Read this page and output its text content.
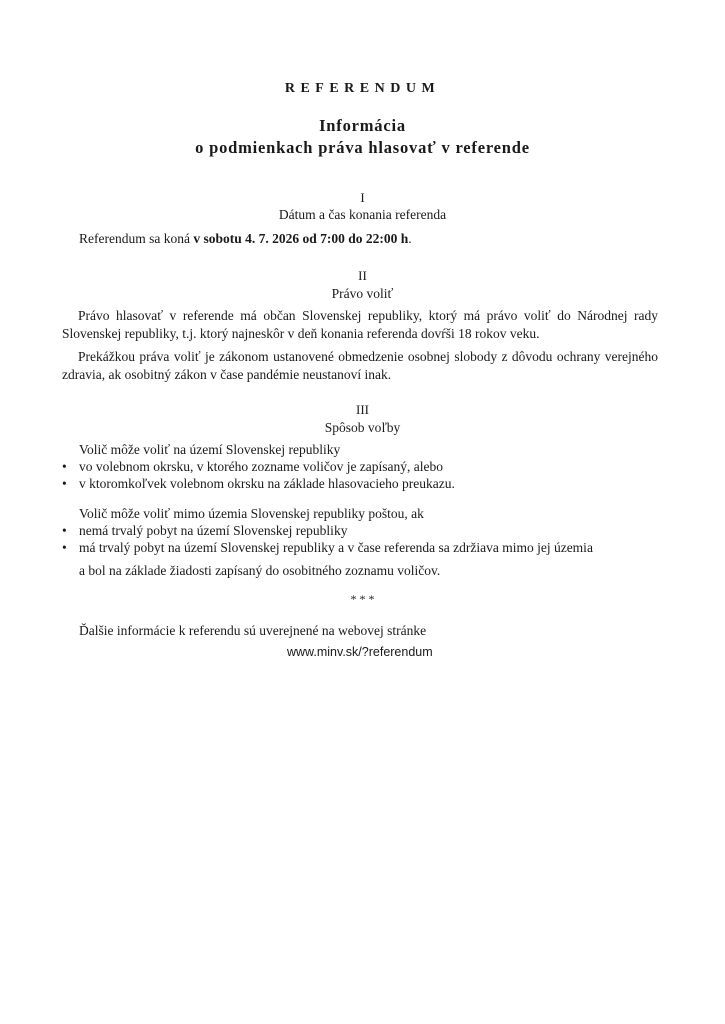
REFERENDUM
Informácia
o podmienkach práva hlasovať v referende
I
Dátum a čas konania referenda
Referendum sa koná v sobotu 4. 7. 2026 od 7:00 do 22:00 h.
II
Právo voliť

Právo hlasovať v referende má občan Slovenskej republiky, ktorý má právo voliť do Národnej rady Slovenskej republiky, t.j. ktorý najneskôr v deň konania referenda dovŕši 18 rokov veku.

Prekážkou práva voliť je zákonom ustanovené obmedzenie osobnej slobody z dôvodu ochrany verejného zdravia, ak osobitný zákon v čase pandémie neustanoví inak.

III
Spôsob voľby
Volič môže voliť na území Slovenskej republiky
• vo volebnom okrsku, v ktorého zozname voličov je zapísaný, alebo
• v ktoromkoľvek volebnom okrsku na základe hlasovacieho preukazu.
Volič môže voliť mimo územia Slovenskej republiky poštou, ak
• nemá trvalý pobyt na území Slovenskej republiky
• má trvalý pobyt na území Slovenskej republiky a v čase referenda sa zdržiava mimo jej územia
a bol na základe žiadosti zapísaný do osobitného zoznamu voličov.
* * *
Ďalšie informácie k referendu sú uverejnené na webovej stránke
www.minv.sk/?referendum
